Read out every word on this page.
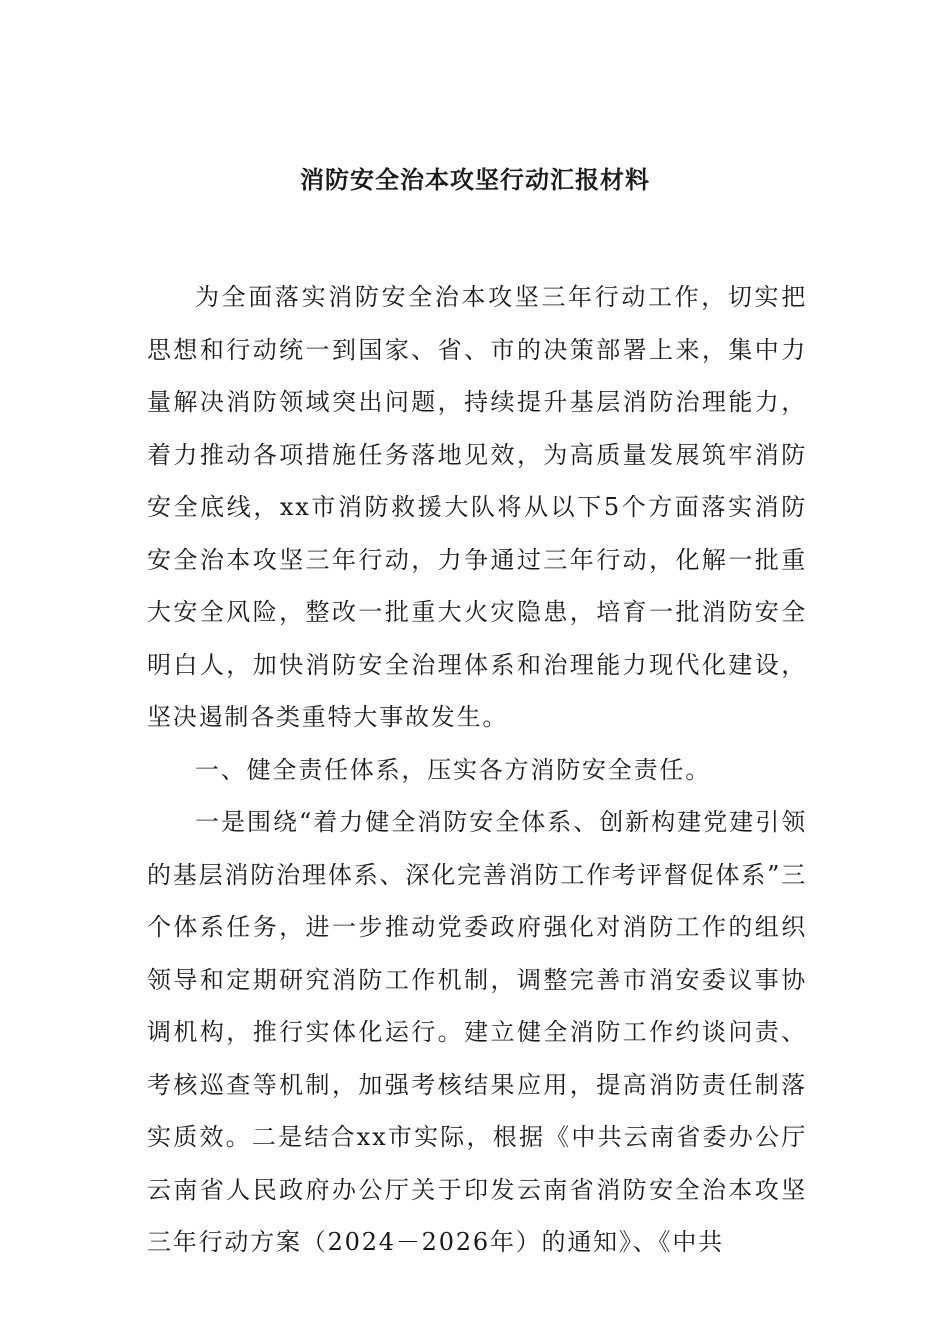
消防安全治本攻坚行动汇报材料

为全面落实消防安全治本攻坚三年行动工作，切实把思想和行动统一到国家、省、市的决策部署上来，集中力量解决消防领域突出问题，持续提升基层消防治理能力，着力推动各项措施任务落地见效，为高质量发展筑牢消防安全底线，xx市消防救援大队将从以下5个方面落实消防安全治本攻坚三年行动，力争通过三年行动，化解一批重大安全风险，整改一批重大火灾隐患，培育一批消防安全明白人，加快消防安全治理体系和治理能力现代化建设，坚决遏制各类重特大事故发生。

一、健全责任体系，压实各方消防安全责任。

一是围绕“着力健全消防安全体系、创新构建党建引领的基层消防治理体系、深化完善消防工作考评督促体系”三个体系任务，进一步推动党委政府强化对消防工作的组织领导和定期研究消防工作机制，调整完善市消安委议事协调机构，推行实体化运行。建立健全消防工作约谈问责、考核巡查等机制，加强考核结果应用，提高消防责任制落实质效。二是结合xx市实际，根据《中共云南省委办公厅云南省人民政府办公厅关于印发云南省消防安全治本攻坚三年行动方案（2024－2026年）的通知》、《中共
